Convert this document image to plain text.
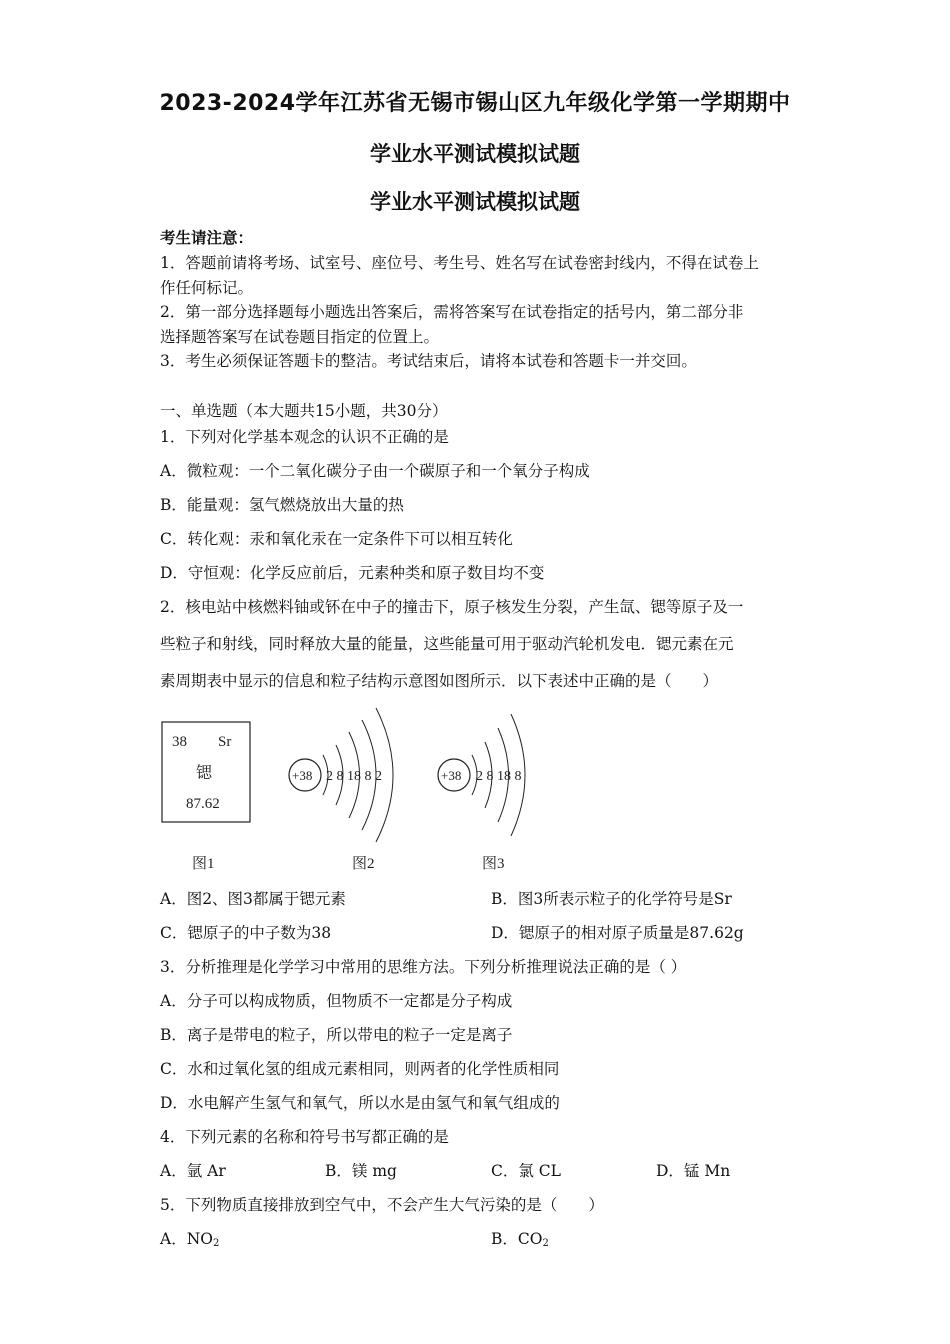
2023-2024学年江苏省无锡市锡山区九年级化学第一学期期中
学业水平测试模拟试题
学业水平测试模拟试题
考生请注意：
1．答题前请将考场、试室号、座位号、考生号、姓名写在试卷密封线内，不得在试卷上
作任何标记。
2．第一部分选择题每小题选出答案后，需将答案写在试卷指定的括号内，第二部分非
选择题答案写在试卷题目指定的位置上。
3．考生必须保证答题卡的整洁。考试结束后，请将本试卷和答题卡一并交回。
一、单选题（本大题共15小题，共30分）
1．下列对化学基本观念的认识不正确的是
A．微粒观：一个二氧化碳分子由一个碳原子和一个氧分子构成
B．能量观：氢气燃烧放出大量的热
C．转化观：汞和氧化汞在一定条件下可以相互转化
D．守恒观：化学反应前后，元素种类和原子数目均不变
2．核电站中核燃料铀或钚在中子的撞击下，原子核发生分裂，产生氙、锶等原子及一
些粒子和射线，同时释放大量的能量，这些能量可用于驱动汽轮机发电．锶元素在元
素周期表中显示的信息和粒子结构示意图如图所示．以下表述中正确的是（　　）
38 Sr
锶
87.62
图1
+38 2 8 18 8 2
图2
+38 2 8 18 8
图3
A．图2、图3都属于锶元素	B．图3所表示粒子的化学符号是Sr
C．锶原子的中子数为38	D．锶原子的相对原子质量是87.62g
3．分析推理是化学学习中常用的思维方法。下列分析推理说法正确的是（ ）
A．分子可以构成物质，但物质不一定都是分子构成
B．离子是带电的粒子，所以带电的粒子一定是离子
C．水和过氧化氢的组成元素相同，则两者的化学性质相同
D．水电解产生氢气和氧气，所以水是由氢气和氧气组成的
4．下列元素的名称和符号书写都正确的是
A．氩 Ar	B．镁 mg	C．氯 CL	D．锰 Mn
5．下列物质直接排放到空气中，不会产生大气污染的是（　　）
A．$NO_2$	B．$CO_2$
